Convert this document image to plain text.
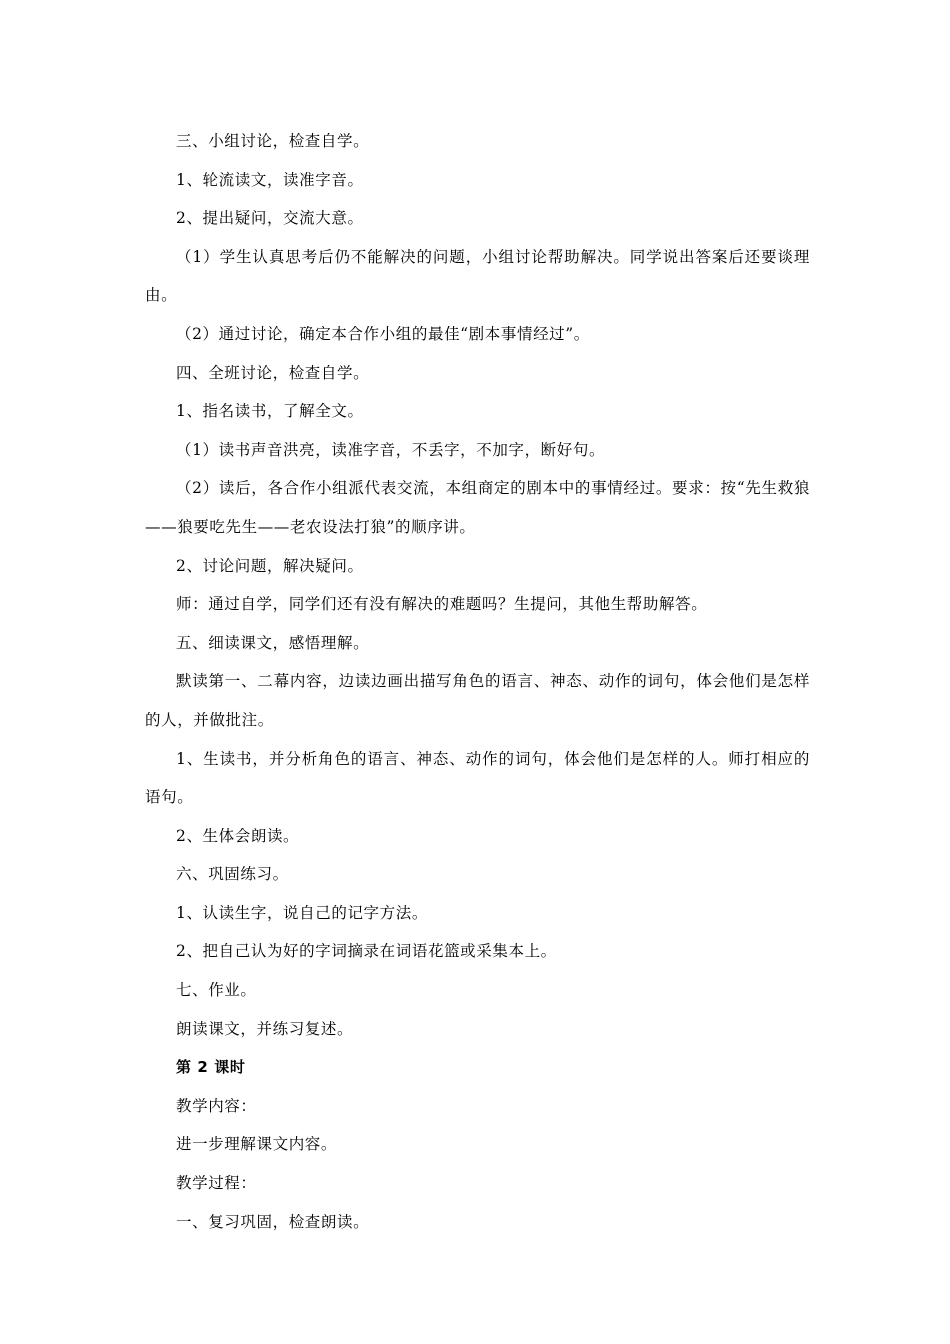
三、小组讨论，检查自学。

1、轮流读文，读准字音。

2、提出疑问，交流大意。

（1）学生认真思考后仍不能解决的问题，小组讨论帮助解决。同学说出答案后还要谈理由。

（2）通过讨论，确定本合作小组的最佳“剧本事情经过”。

四、全班讨论，检查自学。

1、指名读书，了解全文。

（1）读书声音洪亮，读准字音，不丢字，不加字，断好句。

（2）读后，各合作小组派代表交流，本组商定的剧本中的事情经过。要求：按“先生救狼——狼要吃先生——老农设法打狼”的顺序讲。

2、讨论问题，解决疑问。

师：通过自学，同学们还有没有解决的难题吗？生提问，其他生帮助解答。

五、细读课文，感悟理解。

默读第一、二幕内容，边读边画出描写角色的语言、神态、动作的词句，体会他们是怎样的人，并做批注。

1、生读书，并分析角色的语言、神态、动作的词句，体会他们是怎样的人。师打相应的语句。

2、生体会朗读。

六、巩固练习。

1、认读生字，说自己的记字方法。

2、把自己认为好的字词摘录在词语花篮或采集本上。

七、作业。

朗读课文，并练习复述。

第 2 课时

教学内容：

进一步理解课文内容。

教学过程：

一、复习巩固，检查朗读。
